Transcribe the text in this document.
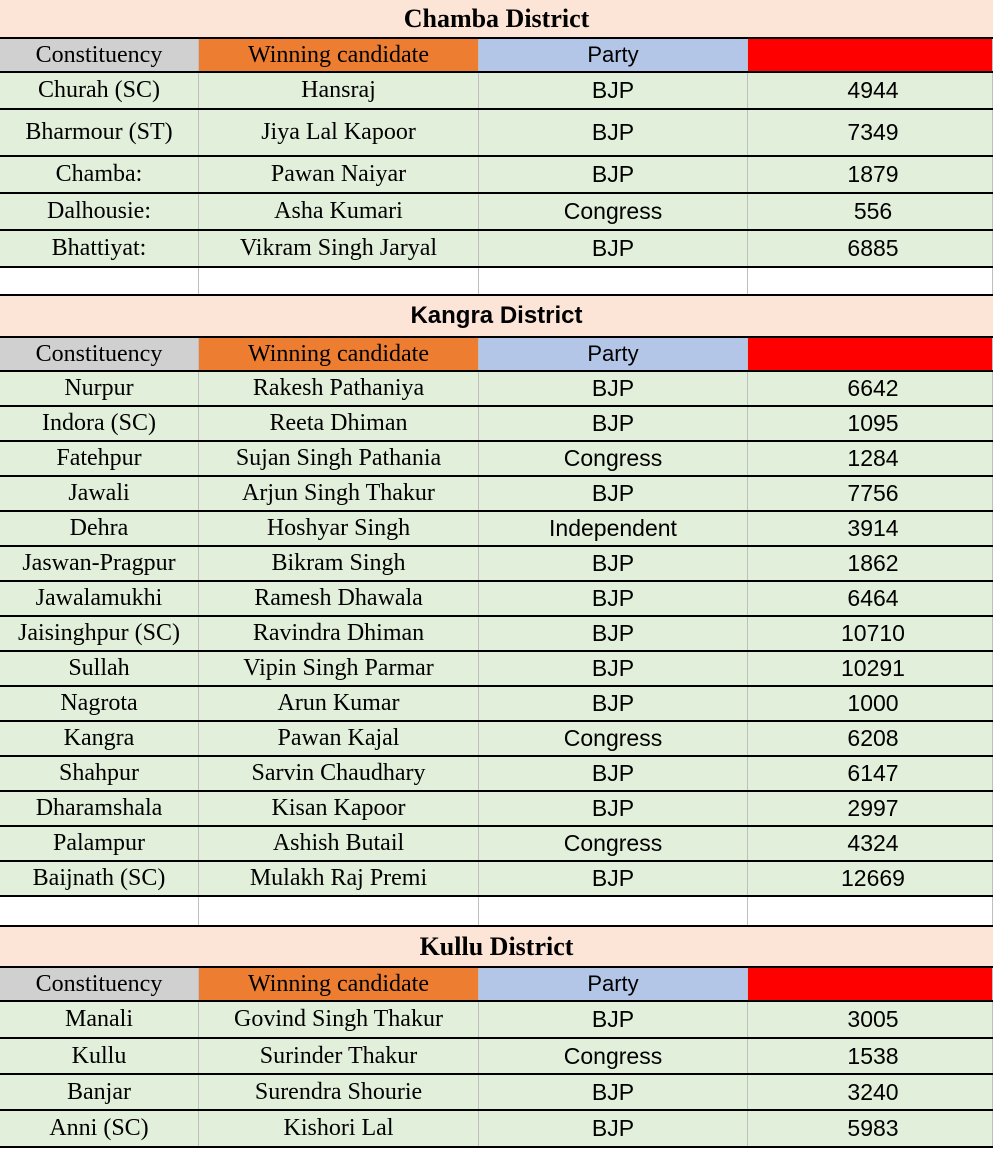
Chamba District
Constituency	Winning candidate	Party
Churah (SC)	Hansraj	BJP	4944
Bharmour (ST)	Jiya Lal Kapoor	BJP	7349
Chamba:	Pawan Naiyar	BJP	1879
Dalhousie:	Asha Kumari	Congress	556
Bhattiyat:	Vikram Singh Jaryal	BJP	6885
Kangra District
Constituency	Winning candidate	Party
Nurpur	Rakesh Pathaniya	BJP	6642
Indora (SC)	Reeta Dhiman	BJP	1095
Fatehpur	Sujan Singh Pathania	Congress	1284
Jawali	Arjun Singh Thakur	BJP	7756
Dehra	Hoshyar Singh	Independent	3914
Jaswan-Pragpur	Bikram Singh	BJP	1862
Jawalamukhi	Ramesh Dhawala	BJP	6464
Jaisinghpur (SC)	Ravindra Dhiman	BJP	10710
Sullah	Vipin Singh Parmar	BJP	10291
Nagrota	Arun Kumar	BJP	1000
Kangra	Pawan Kajal	Congress	6208
Shahpur	Sarvin Chaudhary	BJP	6147
Dharamshala	Kisan Kapoor	BJP	2997
Palampur	Ashish Butail	Congress	4324
Baijnath (SC)	Mulakh Raj Premi	BJP	12669
Kullu District
Constituency	Winning candidate	Party
Manali	Govind Singh Thakur	BJP	3005
Kullu	Surinder Thakur	Congress	1538
Banjar	Surendra Shourie	BJP	3240
Anni (SC)	Kishori Lal	BJP	5983
